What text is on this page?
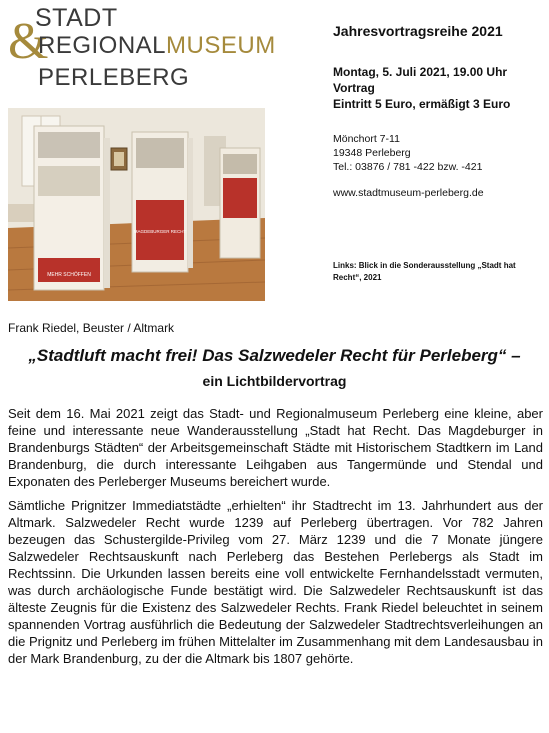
&
STADT
REGIONALMUSEUM
PERLEBERG

Jahresvortragsreihe 2021

Montag, 5. Juli 2021, 19.00 Uhr
Vortrag
Eintritt 5 Euro, ermäßigt 3 Euro
Mönchort 7-11
19348 Perleberg
Tel.: 03876 / 781 -422 bzw. -421
www.stadtmuseum-perleberg.de
Links: Blick in die Sonderausstellung „Stadt hat Recht“, 2021
MEHR SCHÖFFEN
MAGDEBURGER RECHT
Frank Riedel, Beuster / Altmark
„Stadtluft macht frei! Das Salzwedeler Recht für Perleberg“ –
ein Lichtbildervortrag

Seit dem 16. Mai 2021 zeigt das Stadt- und Regionalmuseum Perleberg eine kleine, aber feine und interessante neue Wanderausstellung „Stadt hat Recht. Das Magdeburger in Brandenburgs Städten“ der Arbeitsgemeinschaft Städte mit Historischem Stadtkern im Land Brandenburg, die durch interessante Leihgaben aus Tangermünde und Stendal und Exponaten des Perleberger Museums bereichert wurde.

Sämtliche Prignitzer Immediatstädte „erhielten“ ihr Stadtrecht im 13. Jahrhundert aus der Altmark. Salzwedeler Recht wurde 1239 auf Perleberg übertragen. Vor 782 Jahren bezeugen das Schustergilde-Privileg vom 27. März 1239 und die 7 Monate jüngere Salzwedeler Rechtsauskunft nach Perleberg das Bestehen Perlebergs als Stadt im Rechtssinn. Die Urkunden lassen bereits eine voll entwickelte Fernhandelsstadt vermuten, was durch archäologische Funde bestätigt wird. Die Salzwedeler Rechtsauskunft ist das älteste Zeugnis für die Existenz des Salzwedeler Rechts. Frank Riedel beleuchtet in seinem spannenden Vortrag ausführlich die Bedeutung der Salzwedeler Stadtrechtsverleihungen an die Prignitz und Perleberg im frühen Mittelalter im Zusammenhang mit dem Landesausbau in der Mark Brandenburg, zu der die Altmark bis 1807 gehörte.
